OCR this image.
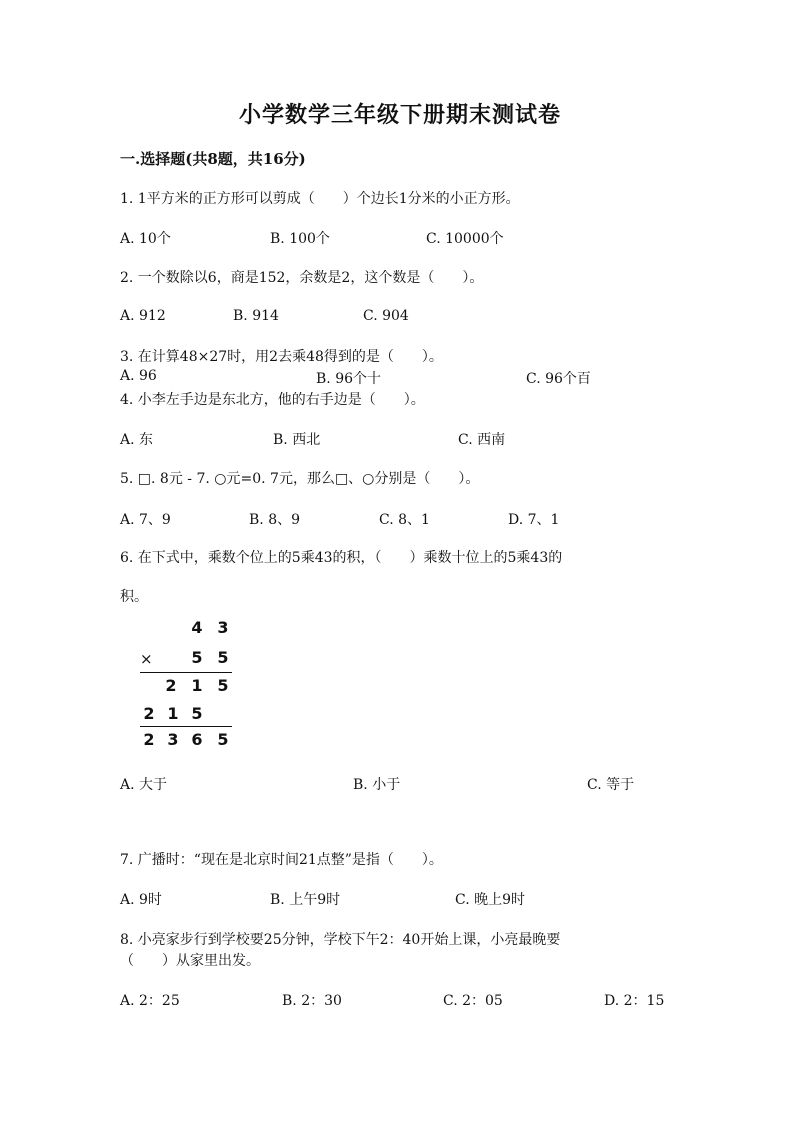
小学数学三年级下册期末测试卷
一.选择题(共8题，共16分)
1. 1平方米的正方形可以剪成（　　）个边长1分米的小正方形。
A. 10个	B. 100个	C. 10000个
2. 一个数除以6，商是152，余数是2，这个数是（　　）。
A. 912	B. 914	C. 904
3. 在计算48×27时，用2去乘48得到的是（　　）。
A. 96	B. 96个十	C. 96个百
4. 小李左手边是东北方，他的右手边是（　　）。
A. 东	B. 西北	C. 西南
5. □. 8元 - 7. ○元=0. 7元，那么□、○分别是（　　）。
A. 7、9	B. 8、9	C. 8、1	D. 7、1
6. 在下式中，乘数个位上的5乘43的积，（　　）乘数十位上的5乘43的
积。
4 3
×	5 5
2 1 5
2 1 5
2 3 6 5
A. 大于	B. 小于	C. 等于
7. 广播时：“现在是北京时间21点整”是指（　　）。
A. 9时	B. 上午9时	C. 晚上9时
8. 小亮家步行到学校要25分钟，学校下午2：40开始上课，小亮最晚要
（　　）从家里出发。
A. 2：25	B. 2：30	C. 2：05	D. 2：15
